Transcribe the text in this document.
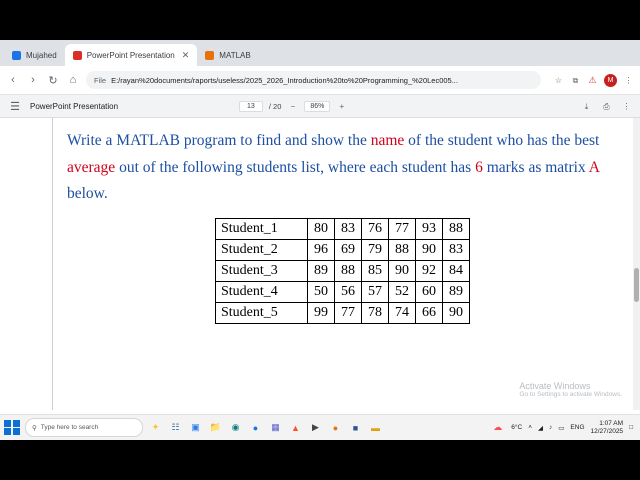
Mujahed	PowerPoint Presentation ✕	MATLAB
‹	›	↻	⌂	File E:/rayan%20documents/raports/useless/2025_2026_Introduction%20to%20Programming_%20Lec005...	☆	⧉ ⚠	M	⋮
☰ PowerPoint Presentation	13	/ 20	−	86%	+	⤓	⎙ ⋮

Write a MATLAB program to find and show the name of the student who has the best average out of the following students list, where each student has 6 marks as matrix A below.

Student_1	80	83	76	77	93	88
Student_2	96	69	79	88	90	83
Student_3	89	88	85	90	92	84
Student_4	50	56	57	52	60	89
Student_5	99	77	78	74	66	90
Activate Windows
Go to Settings to activate Windows.
⚲ Type here to search	✦	☷	▣	📁	◉	●	▦	▲	▶	●	■	▬	☁	6°C ˄ ◢ ♪ ▭ ENG
1:07 AM
12/27/2025 □
